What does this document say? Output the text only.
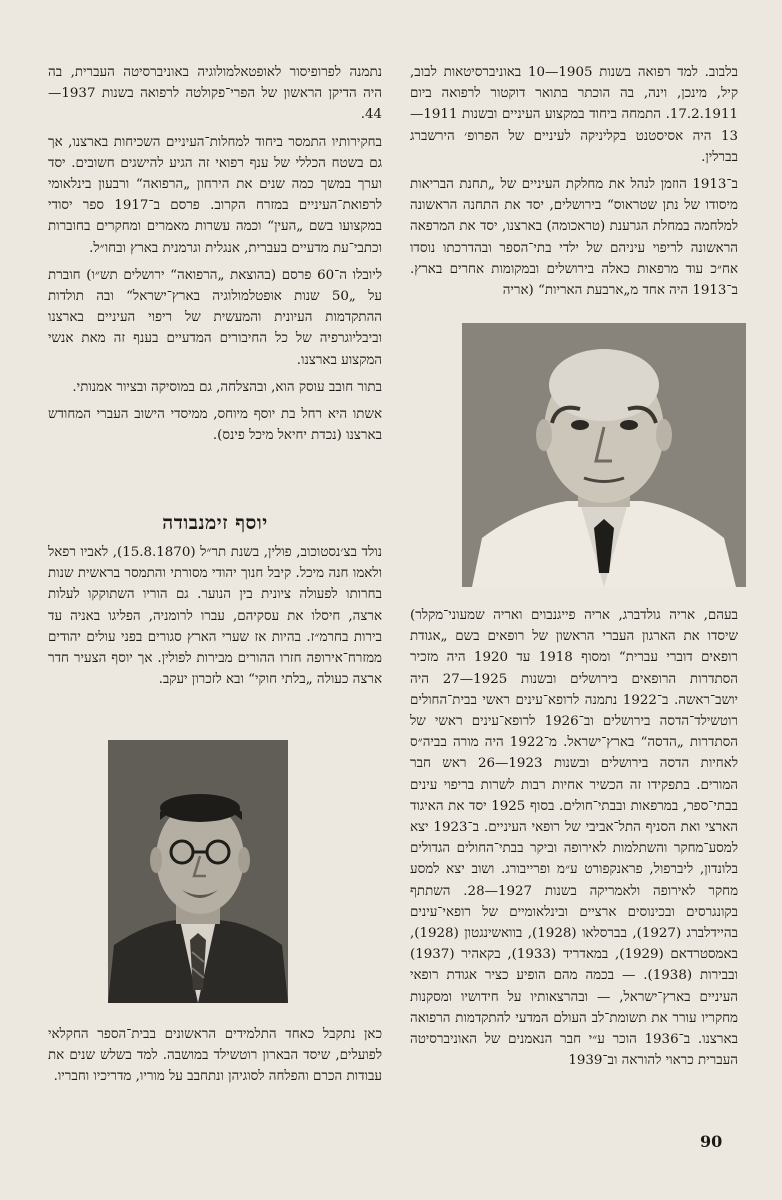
בלבוב. למד רפואה בשנות 1905—10 באוניברסיטאות לבוב, קיל, מינכן, וינה, בה הוכתר בתואר דוקטור לרפואה ביום 17.2.1911. התמחה ביחוד במקצוע העיניים ובשנות 1911—13 היה אסיסטנט בקליניקה לעיניים של הפרופ׳ הירשברג בברלין.

ב־1913 הוזמן לנהל את מחלקת העיניים של „תחנת הבריאות מיסודו של נתן שטראוס“ בירושלים, יסד את התחנה הראשונה למלחמה במחלת הגרענת (טראכומה) בארצנו, יסד את המרפאה הראשונה לריפוי עיניהם של ילדי בתי־הספר ובהדרכתו נוסדו אח״כ עוד מרפאות כאלה בירושלים ובמקומות אחרים בארץ. ב־1913 היה אחד מ„ארבעת האריות“ (אריה

בעהם, אריה גולדברג, אריה פייגנבוים ואריה שמעוני־מקלר) שיסדו את הארגון העברי הראשון של רופאים בשם „אגודת רופאים דוברי עברית“ ומסוף 1918 עד 1920 היה מזכיר הסתדרות הרופאים בירושלים ובשנות 1925—27 היה יושב־ראשה. ב־1922 נתמנה לרופא־עינים ראשי בבית־החולים רוטשילד־הדסה בירושלים וב־1926 לרופא־עינים ראשי של הסתדרות „הדסה“ בארץ־ישראל. מ־1922 היה מורה בביה״ס לאחיות הדסה בירושלים ובשנות 1923—26 ראש חבר המורים. בתפקידו זה הכשיר אחיות רבות לשרות בריפוי עינים בבתי־ספר, במרפאות ובבתי־חולים. בסוף 1925 יסד את האיגוד הארצי ואת הסניף התל־אביבי של רופאי העיניים. ב־1923 יצא למסע־מחקר והשתלמות לאירופה וביקר בבתי־החולים הגדולים בלונדון, ליברפול, פראנקפורט ע״מ ופרייבורג. ושוב יצא למסע מחקר לאירופה ולאמריקה בשנות 1927—28. השתתף בקונגרסים ובכינוסים ארציים ובינלאומיים של רופאי־עינים בהיידלברג (1927), בברסלאו (1928), בוואשינגטון (1928), באמסטרדאם (1929), במאדריד (1933), בקאהיר (1937) ובבירות (1938). — בכמה מהם הופיע כציר אגודת רופאי העיניים בארץ־ישראל, — ובהרצאותיו על חידושיו ומסקנות מחקריו עורר את תשומת־לב העולם המדעי להתקדמות הרפואה בארצנו. ב־1936 הוכר ע״י חבר הנאמנים של האוניברסיטה העברית כראוי להוראה וב־1939

נתמנה לפרופיסור לאופטאלמולוגיה באוניברסיטה העברית, בה היה הדיקן הראשון של הפרי־פקולטה לרפואה בשנות 1937—44.

בחקירותיו התמסר ביחוד למחלות־העיניים השכיחות בארצנו, אך גם בשטח הכללי של ענף רפואי זה הגיע להישגים חשובים. יסד וערך במשך כמה שנים את הירחון „הרפואה“ ורבעון בינלאומי לרפואת־העיניים במזרח הקרוב. פרסם ב־1917 ספר יסודי במקצועו בשם „העין“ וכמה עשרות מאמרים ומחקרים בחוברות וכתבי־עת מדעיים בעברית, אנגלית וגרמנית בארץ ובחו״ל.

ליובלו ה־60 פרסם (בהוצאת „הרפואה“ ירושלים תש״ו) חוברת על „50 שנות אופטלמולוגיה בארץ־ישראל“ ובה תולדות ההתקדמות העיונית והמעשית של ריפוי העיניים בארצנו וביבליוגרפיה של כל החיבורים המדעיים בענף זה מאת אנשי המקצוע בארצנו.

בתור חובב עוסק הוא, ובהצלחה, גם במוסיקה ובציור אמנותי.

אשתו היא רחל בת יוסף מיוחס, ממיסדי הישוב העברי המחודש בארצנו (נכדת יחיאל מיכל פינס).

יוסף זימנבודה

נולד בצ׳נסטוכוב, פולין, בשנת תר״ל (15.8.1870), לאביו רפאל ולאמו חנה מיכל. קיבל חנוך יהודי מסורתי והתמסר בראשית שנות בחרותו לפעולה ציונית בין הנוער. גם הוריו השתוקקו לעלות ארצה, חיסלו את עסקיהם, עברו לרומניה, הפליגו באניה עד בירות בחרמ״ז. בהיות אז שערי הארץ סגורים בפני עולים יהודים ממזרח־אירופה חזרו ההורים מבירות לפולין. אך יוסף הצעיר חדר ארצה כעולה „בלתי חוקי“ ובא לזכרון יעקב.

כאן נתקבל כאחד התלמידים הראשונים בבית־הספר החקלאי לפועלים, שיסד הבארון רוטשילד במושבה. למד בשלש שנים את עבודות הכרם והפלחה לסוגיהן ונתחבב על מוריו, מדריכיו וחבריו.

90
